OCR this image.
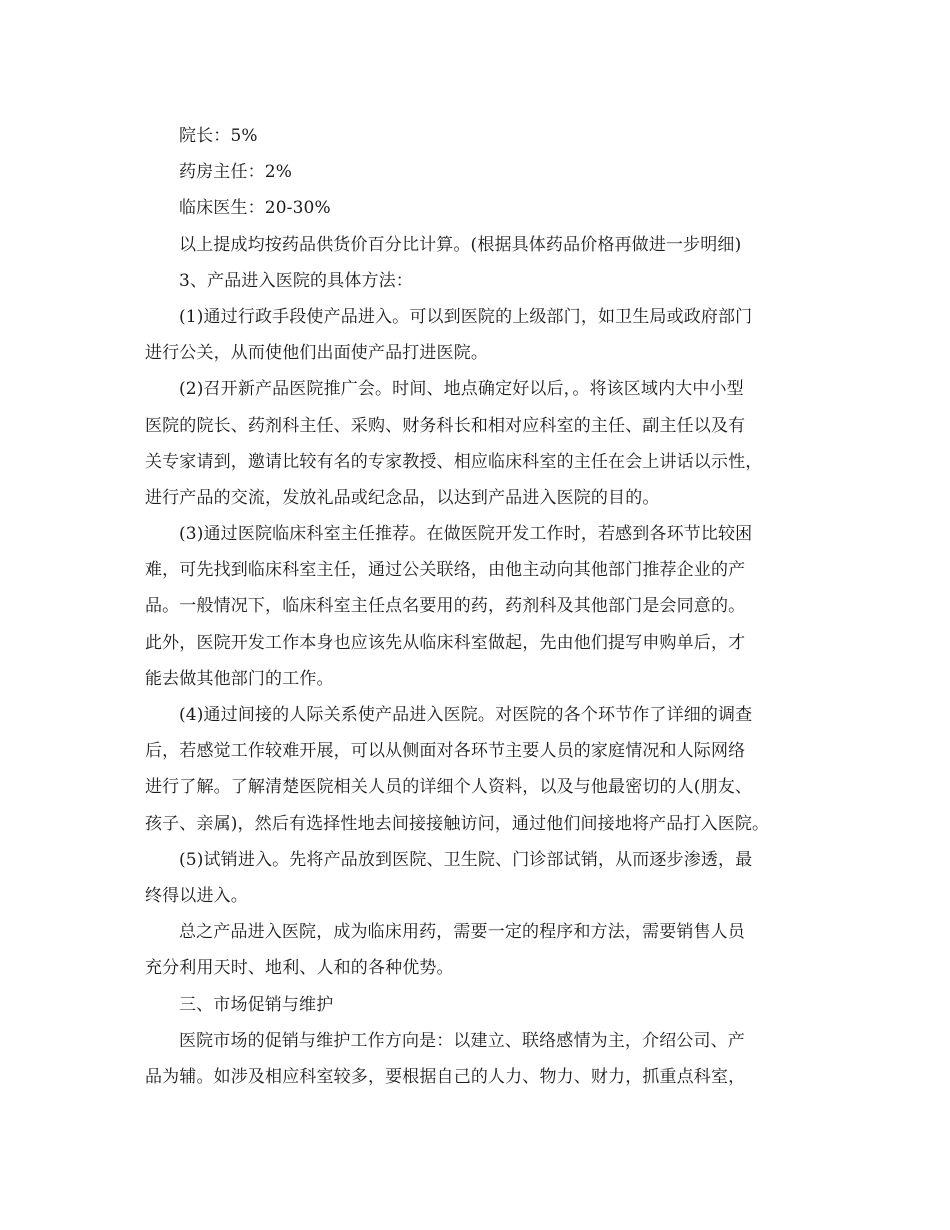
院长：5%
药房主任：2%
临床医生：20-30%
以上提成均按药品供货价百分比计算。(根据具体药品价格再做进一步明细)
3、产品进入医院的具体方法：
(1)通过行政手段使产品进入。可以到医院的上级部门，如卫生局或政府部门
进行公关，从而使他们出面使产品打进医院。
(2)召开新产品医院推广会。时间、地点确定好以后，。将该区域内大中小型
医院的院长、药剂科主任、采购、财务科长和相对应科室的主任、副主任以及有
关专家请到，邀请比较有名的专家教授、相应临床科室的主任在会上讲话以示性，
进行产品的交流，发放礼品或纪念品，以达到产品进入医院的目的。
(3)通过医院临床科室主任推荐。在做医院开发工作时，若感到各环节比较困
难，可先找到临床科室主任，通过公关联络，由他主动向其他部门推荐企业的产
品。一般情况下，临床科室主任点名要用的药，药剂科及其他部门是会同意的。
此外，医院开发工作本身也应该先从临床科室做起，先由他们提写申购单后，才
能去做其他部门的工作。
(4)通过间接的人际关系使产品进入医院。对医院的各个环节作了详细的调查
后，若感觉工作较难开展，可以从侧面对各环节主要人员的家庭情况和人际网络
进行了解。了解清楚医院相关人员的详细个人资料，以及与他最密切的人(朋友、
孩子、亲属)，然后有选择性地去间接接触访问，通过他们间接地将产品打入医院。
(5)试销进入。先将产品放到医院、卫生院、门诊部试销，从而逐步渗透，最
终得以进入。
总之产品进入医院，成为临床用药，需要一定的程序和方法，需要销售人员
充分利用天时、地利、人和的各种优势。
三、市场促销与维护
医院市场的促销与维护工作方向是：以建立、联络感情为主，介绍公司、产
品为辅。如涉及相应科室较多，要根据自己的人力、物力、财力，抓重点科室，
